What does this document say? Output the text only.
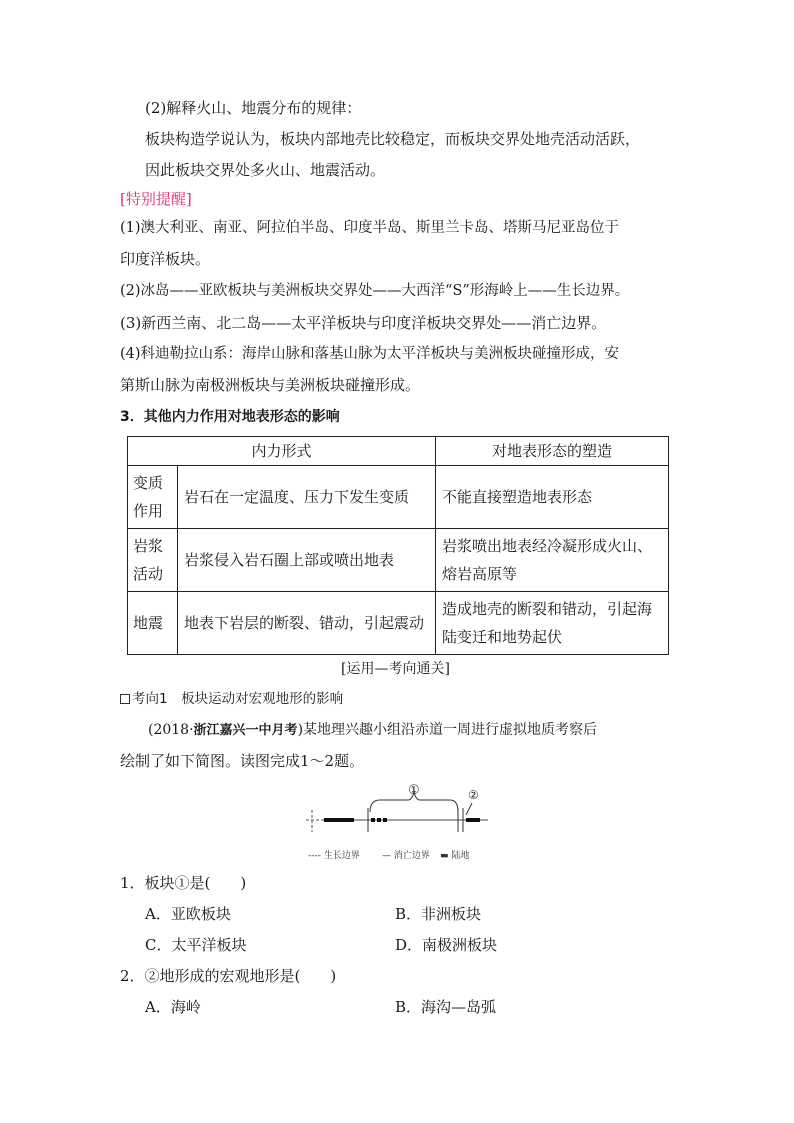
(2)解释火山、地震分布的规律：
板块构造学说认为，板块内部地壳比较稳定，而板块交界处地壳活动活跃，
因此板块交界处多火山、地震活动。
[特别提醒]
(1)澳大利亚、南亚、阿拉伯半岛、印度半岛、斯里兰卡岛、塔斯马尼亚岛位于
印度洋板块。
(2)冰岛——亚欧板块与美洲板块交界处——大西洋“S”形海岭上——生长边界。
(3)新西兰南、北二岛——太平洋板块与印度洋板块交界处——消亡边界。
(4)科迪勒拉山系：海岸山脉和落基山脉为太平洋板块与美洲板块碰撞形成，安
第斯山脉为南极洲板块与美洲板块碰撞形成。
3．其他内力作用对地表形态的影响
内力形式		对地表形态的塑造
变质作用	岩石在一定温度、压力下发生变质	不能直接塑造地表形态
岩浆活动	岩浆侵入岩石圈上部或喷出地表	岩浆喷出地表经冷凝形成火山、熔岩高原等
地震	地表下岩层的断裂、错动，引起震动	造成地壳的断裂和错动，引起海陆变迁和地势起伏
[运用—考向通关]
考向1　板块运动对宏观地形的影响
(2018·浙江嘉兴一中月考)某地理兴趣小组沿赤道一周进行虚拟地质考察后
绘制了如下简图。读图完成1～2题。
①	②
---- 生长边界 — 消亡边界 ▬ 陆地
1．板块①是(　　)
A．亚欧板块	B．非洲板块
C．太平洋板块	D．南极洲板块
2．②地形成的宏观地形是(　　)
A．海岭	B．海沟—岛弧
